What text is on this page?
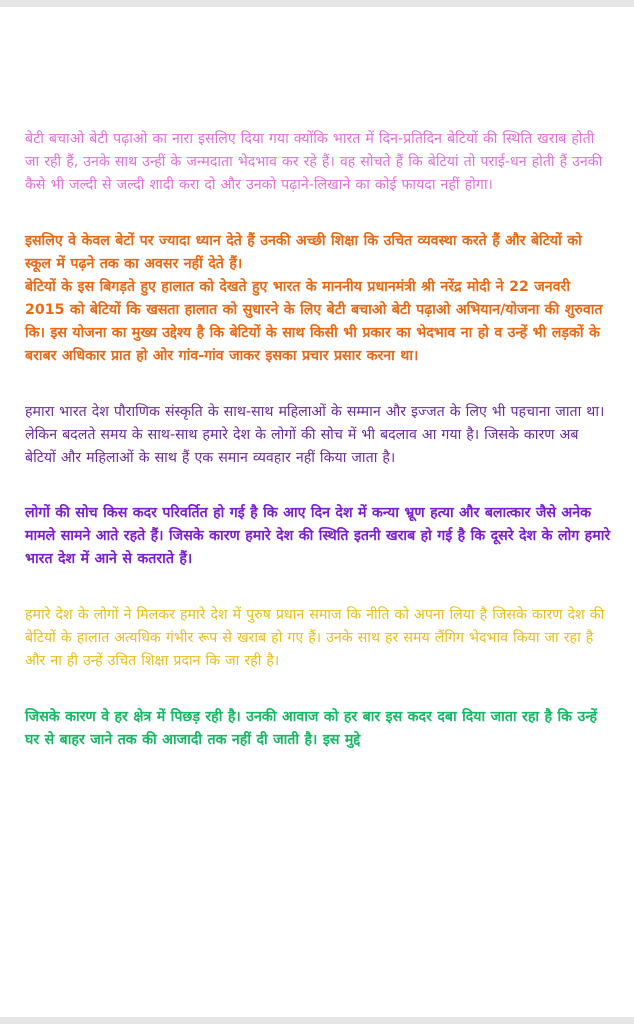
बेटी बचाओ बेटी पढ़ाओ का नारा इसलिए दिया गया क्योंकि भारत में दिन-प्रतिदिन बेटियों की स्थिति खराब होती जा रही हैं, उनके साथ उन्हीं के जन्मदाता भेदभाव कर रहे हैं। वह सोचते हैं कि बेटियां तो पराई-धन होती हैं उनकी कैसे भी जल्दी से जल्दी शादी करा दो और उनको पढ़ाने-लिखाने का कोई फायदा नहीं होगा।

इसलिए वे केवल बेटों पर ज्यादा ध्यान देते हैं उनकी अच्छी शिक्षा कि उचित व्यवस्था करते हैं और बेटियों को स्कूल में पढ़ने तक का अवसर नहीं देते हैं।

बेटियों के इस बिगड़ते हुए हालात को देखते हुए भारत के माननीय प्रधानमंत्री श्री नरेंद्र मोदी ने 22 जनवरी 2015 को बेटियों कि खसता हालात को सुधारने के लिए बेटी बचाओ बेटी पढ़ाओ अभियान/योजना की शुरुवात कि। इस योजना का मुख्य उद्देश्य है कि बेटियों के साथ किसी भी प्रकार का भेदभाव ना हो व उन्हें भी लड़कों के बराबर अधिकार प्रात हो ओर गांव-गांव जाकर इसका प्रचार प्रसार करना था।

हमारा भारत देश पौराणिक संस्कृति के साथ-साथ महिलाओं के सम्मान और इज्जत के लिए भी पहचाना जाता था। लेकिन बदलते समय के साथ-साथ हमारे देश के लोगों की सोच में भी बदलाव आ गया है। जिसके कारण अब बेटियों और महिलाओं के साथ हैं एक समान व्यवहार नहीं किया जाता है।

लोगों की सोच किस कदर परिवर्तित हो गई है कि आए दिन देश में कन्या भ्रूण हत्या और बलात्कार जैसे अनेक मामले सामने आते रहते हैं। जिसके कारण हमारे देश की स्थिति इतनी खराब हो गई है कि दूसरे देश के लोग हमारे भारत देश में आने से कतराते हैं।

हमारे देश के लोगों ने मिलकर हमारे देश में पुरुष प्रधान समाज कि नीति को अपना लिया है जिसके कारण देश की बेटियों के हालात अत्यधिक गंभीर रूप से खराब हो गए हैं। उनके साथ हर समय लैंगिग भेदभाव किया जा रहा है और ना ही उन्हें उचित शिक्षा प्रदान कि जा रही है।

जिसके कारण वे हर क्षेत्र में पिछड़ रही है। उनकी आवाज को हर बार इस कदर दबा दिया जाता रहा है कि उन्हें घर से बाहर जाने तक की आजादी तक नहीं दी जाती है। इस मुद्दे
